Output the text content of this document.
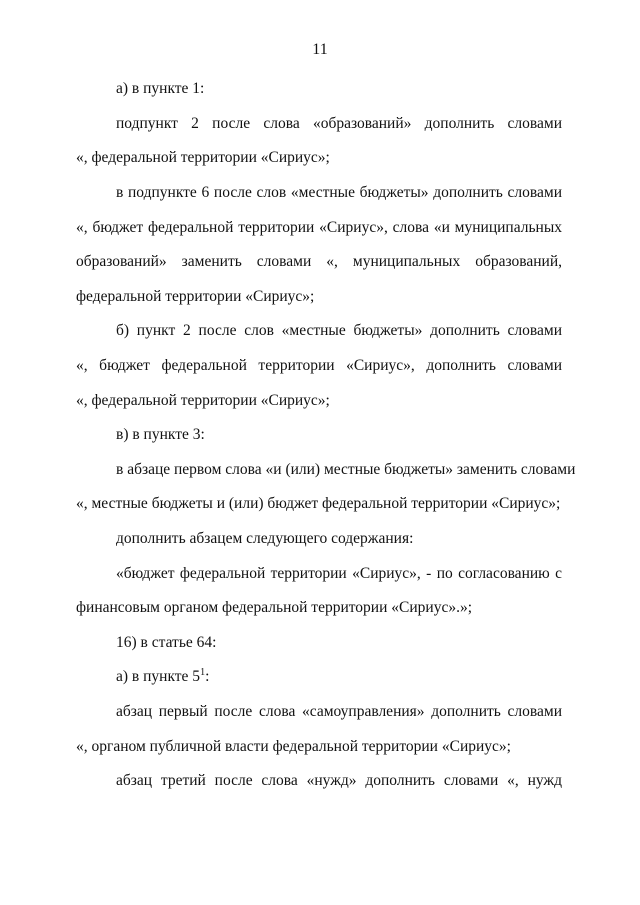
11
а) в пункте 1:
подпункт 2 после слова «образований» дополнить словами
«, федеральной территории «Сириус»;
в подпункте 6 после слов «местные бюджеты» дополнить словами
«, бюджет федеральной территории «Сириус», слова «и муниципальных
образований» заменить словами «, муниципальных образований,
федеральной территории «Сириус»;
б) пункт 2 после слов «местные бюджеты» дополнить словами
«, бюджет федеральной территории «Сириус», дополнить словами
«, федеральной территории «Сириус»;
в) в пункте 3:
в абзаце первом слова «и (или) местные бюджеты» заменить словами
«, местные бюджеты и (или) бюджет федеральной территории «Сириус»;
дополнить абзацем следующего содержания:
«бюджет федеральной территории «Сириус», - по согласованию с
финансовым органом федеральной территории «Сириус».»;
16) в статье 64:
а) в пункте $5^1$:
абзац первый после слова «самоуправления» дополнить словами
«, органом публичной власти федеральной территории «Сириус»;
абзац третий после слова «нужд» дополнить словами «, нужд
